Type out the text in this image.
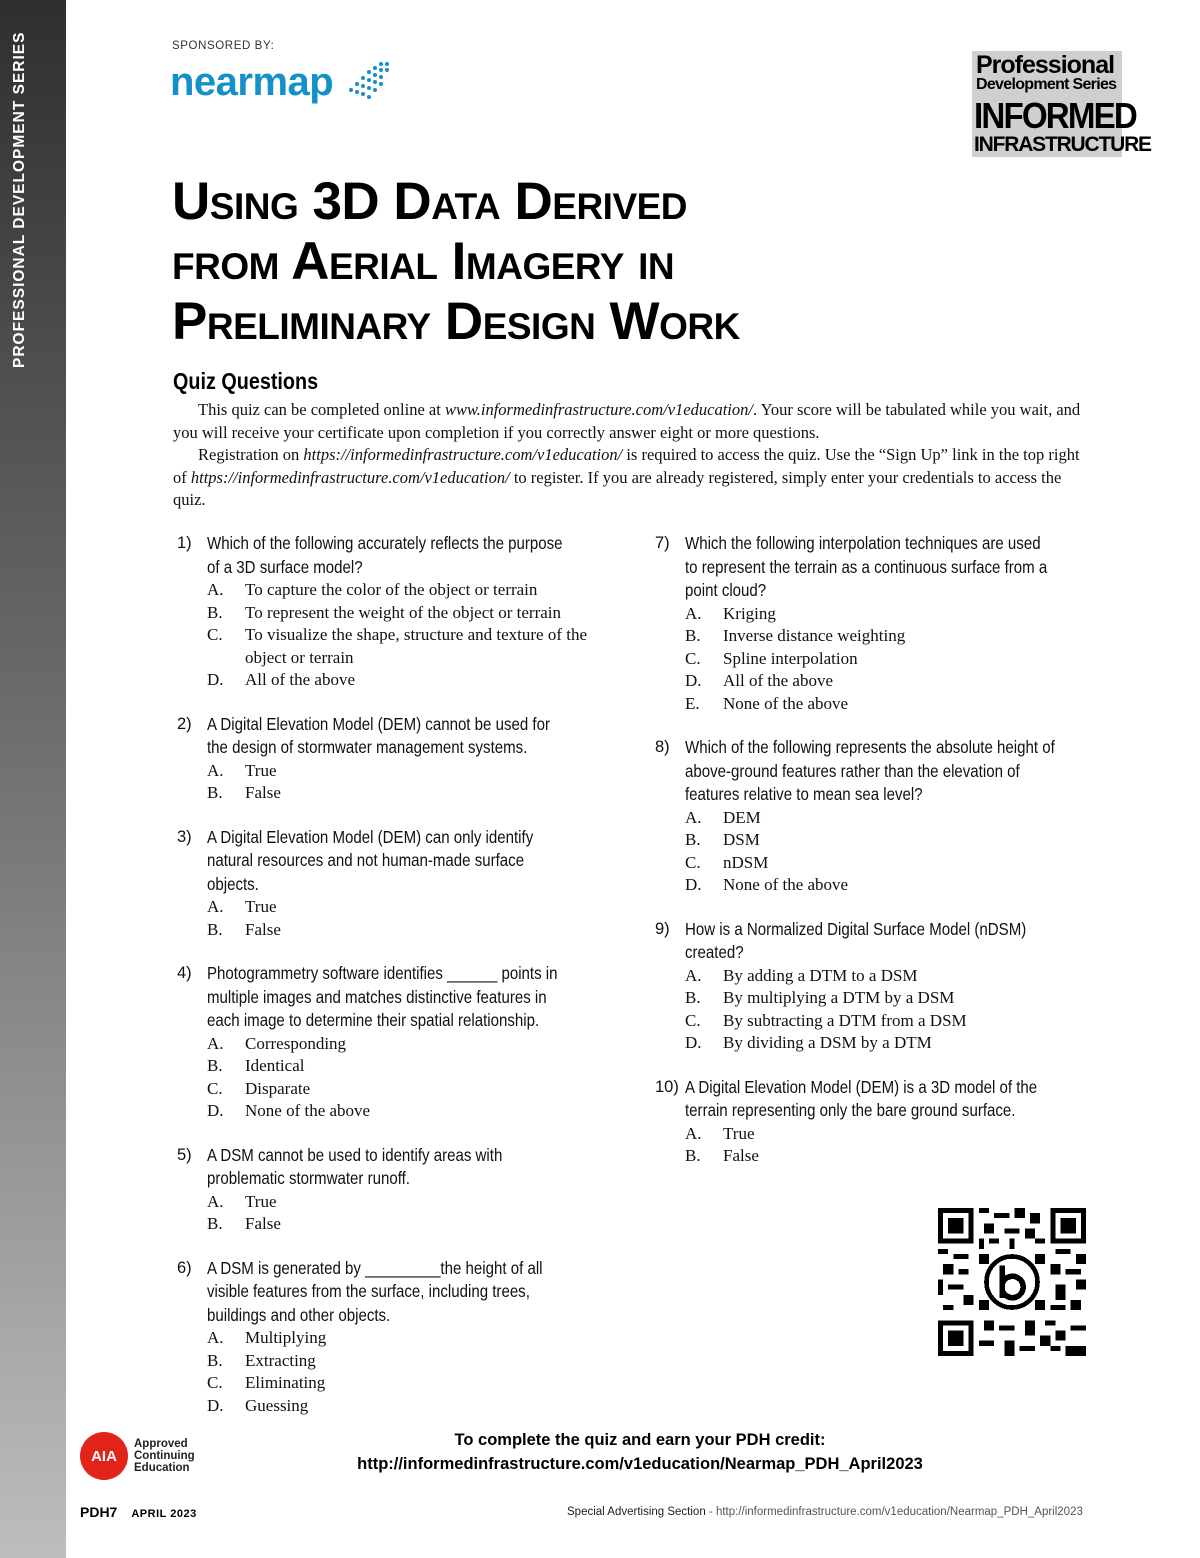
PROFESSIONAL DEVELOPMENT SERIES	SPONSORED BY:
nearmap	Professional
Development Series
INFORMED
INFRASTRUCTURE
Using 3D Data Derived
from Aerial Imagery in
Preliminary Design Work
Quiz Questions

This quiz can be completed online at www.informedinfrastructure.com/v1education/. Your score will be tabulated while you wait, and you will receive your certificate upon completion if you correctly answer eight or more questions.

Registration on https://informedinfrastructure.com/v1education/ is required to access the quiz. Use the “Sign Up” link in the top right of https://informedinfrastructure.com/v1education/ to register. If you are already registered, simply enter your credentials to access the quiz.

1) Which of the following accurately reflects the purpose of a 3D surface model?
A.	To capture the color of the object or terrain
B.	To represent the weight of the object or terrain
C.	To visualize the shape, structure and texture of the object or terrain
D.	All of the above
2) A Digital Elevation Model (DEM) cannot be used for the design of stormwater management systems.
A.	True
B.	False
3) A Digital Elevation Model (DEM) can only identify natural resources and not human-made surface objects.
A.	True
B.	False
4) Photogrammetry software identifies ______ points in multiple images and matches distinctive features in each image to determine their spatial relationship.
A.	Corresponding
B.	Identical
C.	Disparate
D.	None of the above
5) A DSM cannot be used to identify areas with problematic stormwater runoff.
A.	True
B.	False
6) A DSM is generated by _________the height of all visible features from the surface, including trees, buildings and other objects.
A.	Multiplying
B.	Extracting
C.	Eliminating
D.	Guessing
7) Which the following interpolation techniques are used to represent the terrain as a continuous surface from a point cloud?
A.	Kriging
B.	Inverse distance weighting
C.	Spline interpolation
D.	All of the above
E.	None of the above
8) Which of the following represents the absolute height of above-ground features rather than the elevation of features relative to mean sea level?
A.	DEM
B.	DSM
C.	nDSM
D.	None of the above
9) How is a Normalized Digital Surface Model (nDSM) created?
A.	By adding a DTM to a DSM
B.	By multiplying a DTM by a DSM
C.	By subtracting a DTM from a DSM
D.	By dividing a DSM by a DTM
10) A Digital Elevation Model (DEM) is a 3D model of the terrain representing only the bare ground surface.
A.	True
B.	False
AIA
Approved
Continuing
Education
To complete the quiz and earn your PDH credit:
http://informedinfrastructure.com/v1education/Nearmap_PDH_April2023
PDH7 APRIL 2023	Special Advertising Section - http://informedinfrastructure.com/v1education/Nearmap_PDH_April2023
